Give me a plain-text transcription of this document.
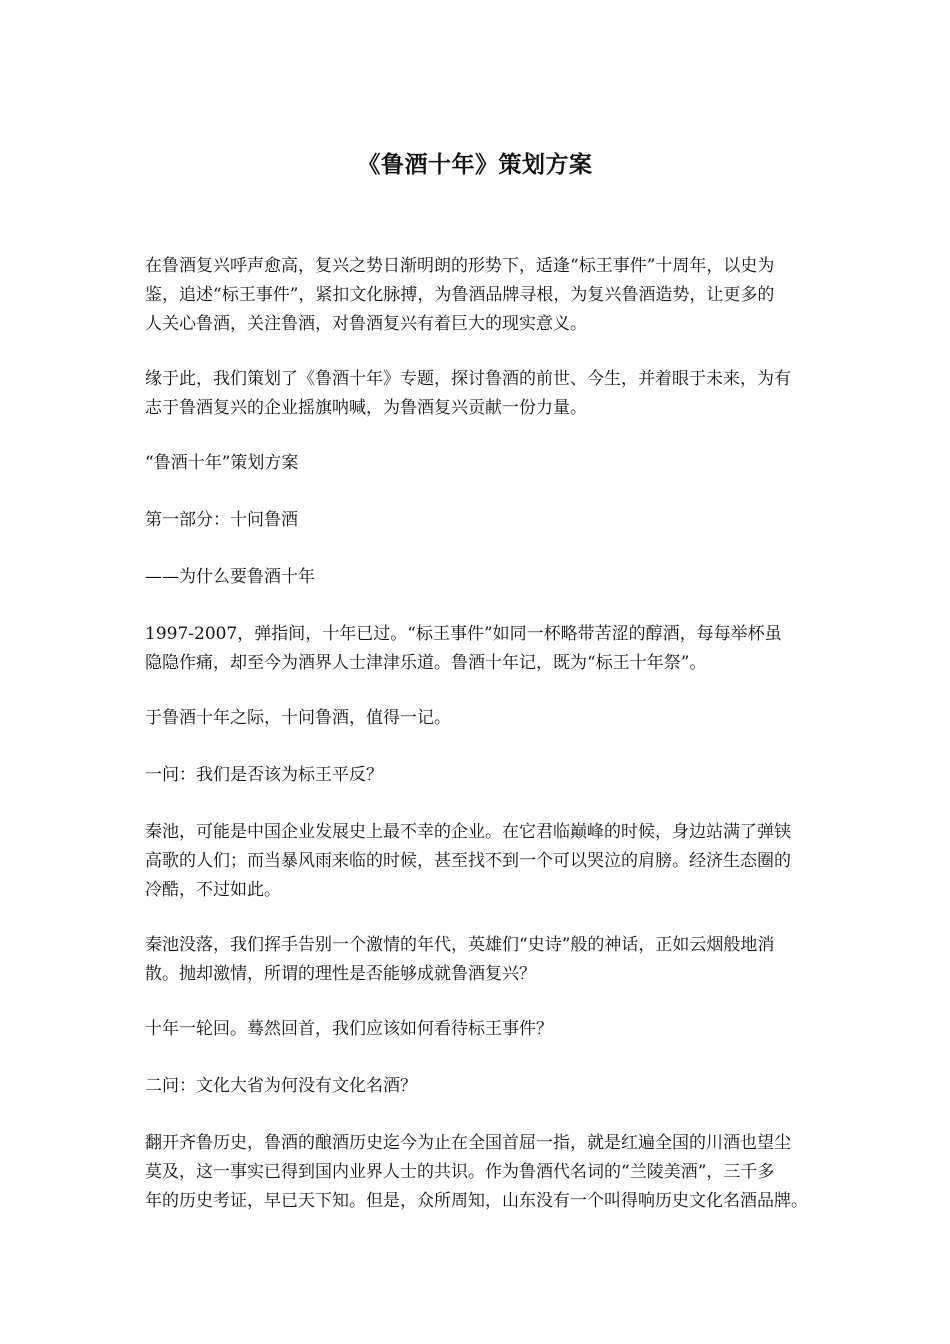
《鲁酒十年》策划方案

在鲁酒复兴呼声愈高，复兴之势日渐明朗的形势下，适逢“标王事件”十周年，以史为
鉴，追述“标王事件”，紧扣文化脉搏，为鲁酒品牌寻根，为复兴鲁酒造势，让更多的
人关心鲁酒，关注鲁酒，对鲁酒复兴有着巨大的现实意义。

缘于此，我们策划了《鲁酒十年》专题，探讨鲁酒的前世、今生，并着眼于未来，为有
志于鲁酒复兴的企业摇旗呐喊，为鲁酒复兴贡献一份力量。

“鲁酒十年”策划方案

第一部分：十问鲁酒

——为什么要鲁酒十年

1997-2007，弹指间，十年已过。“标王事件”如同一杯略带苦涩的醇酒，每每举杯虽
隐隐作痛，却至今为酒界人士津津乐道。鲁酒十年记，既为“标王十年祭”。

于鲁酒十年之际，十问鲁酒，值得一记。

一问：我们是否该为标王平反？

秦池，可能是中国企业发展史上最不幸的企业。在它君临巅峰的时候，身边站满了弹铗
高歌的人们；而当暴风雨来临的时候，甚至找不到一个可以哭泣的肩膀。经济生态圈的
冷酷，不过如此。

秦池没落，我们挥手告别一个激情的年代，英雄们“史诗”般的神话，正如云烟般地消
散。抛却激情，所谓的理性是否能够成就鲁酒复兴？

十年一轮回。蓦然回首，我们应该如何看待标王事件？

二问：文化大省为何没有文化名酒？

翻开齐鲁历史，鲁酒的酿酒历史迄今为止在全国首屈一指，就是红遍全国的川酒也望尘
莫及，这一事实已得到国内业界人士的共识。作为鲁酒代名词的“兰陵美酒”，三千多
年的历史考证，早已天下知。但是，众所周知，山东没有一个叫得响历史文化名酒品牌。
